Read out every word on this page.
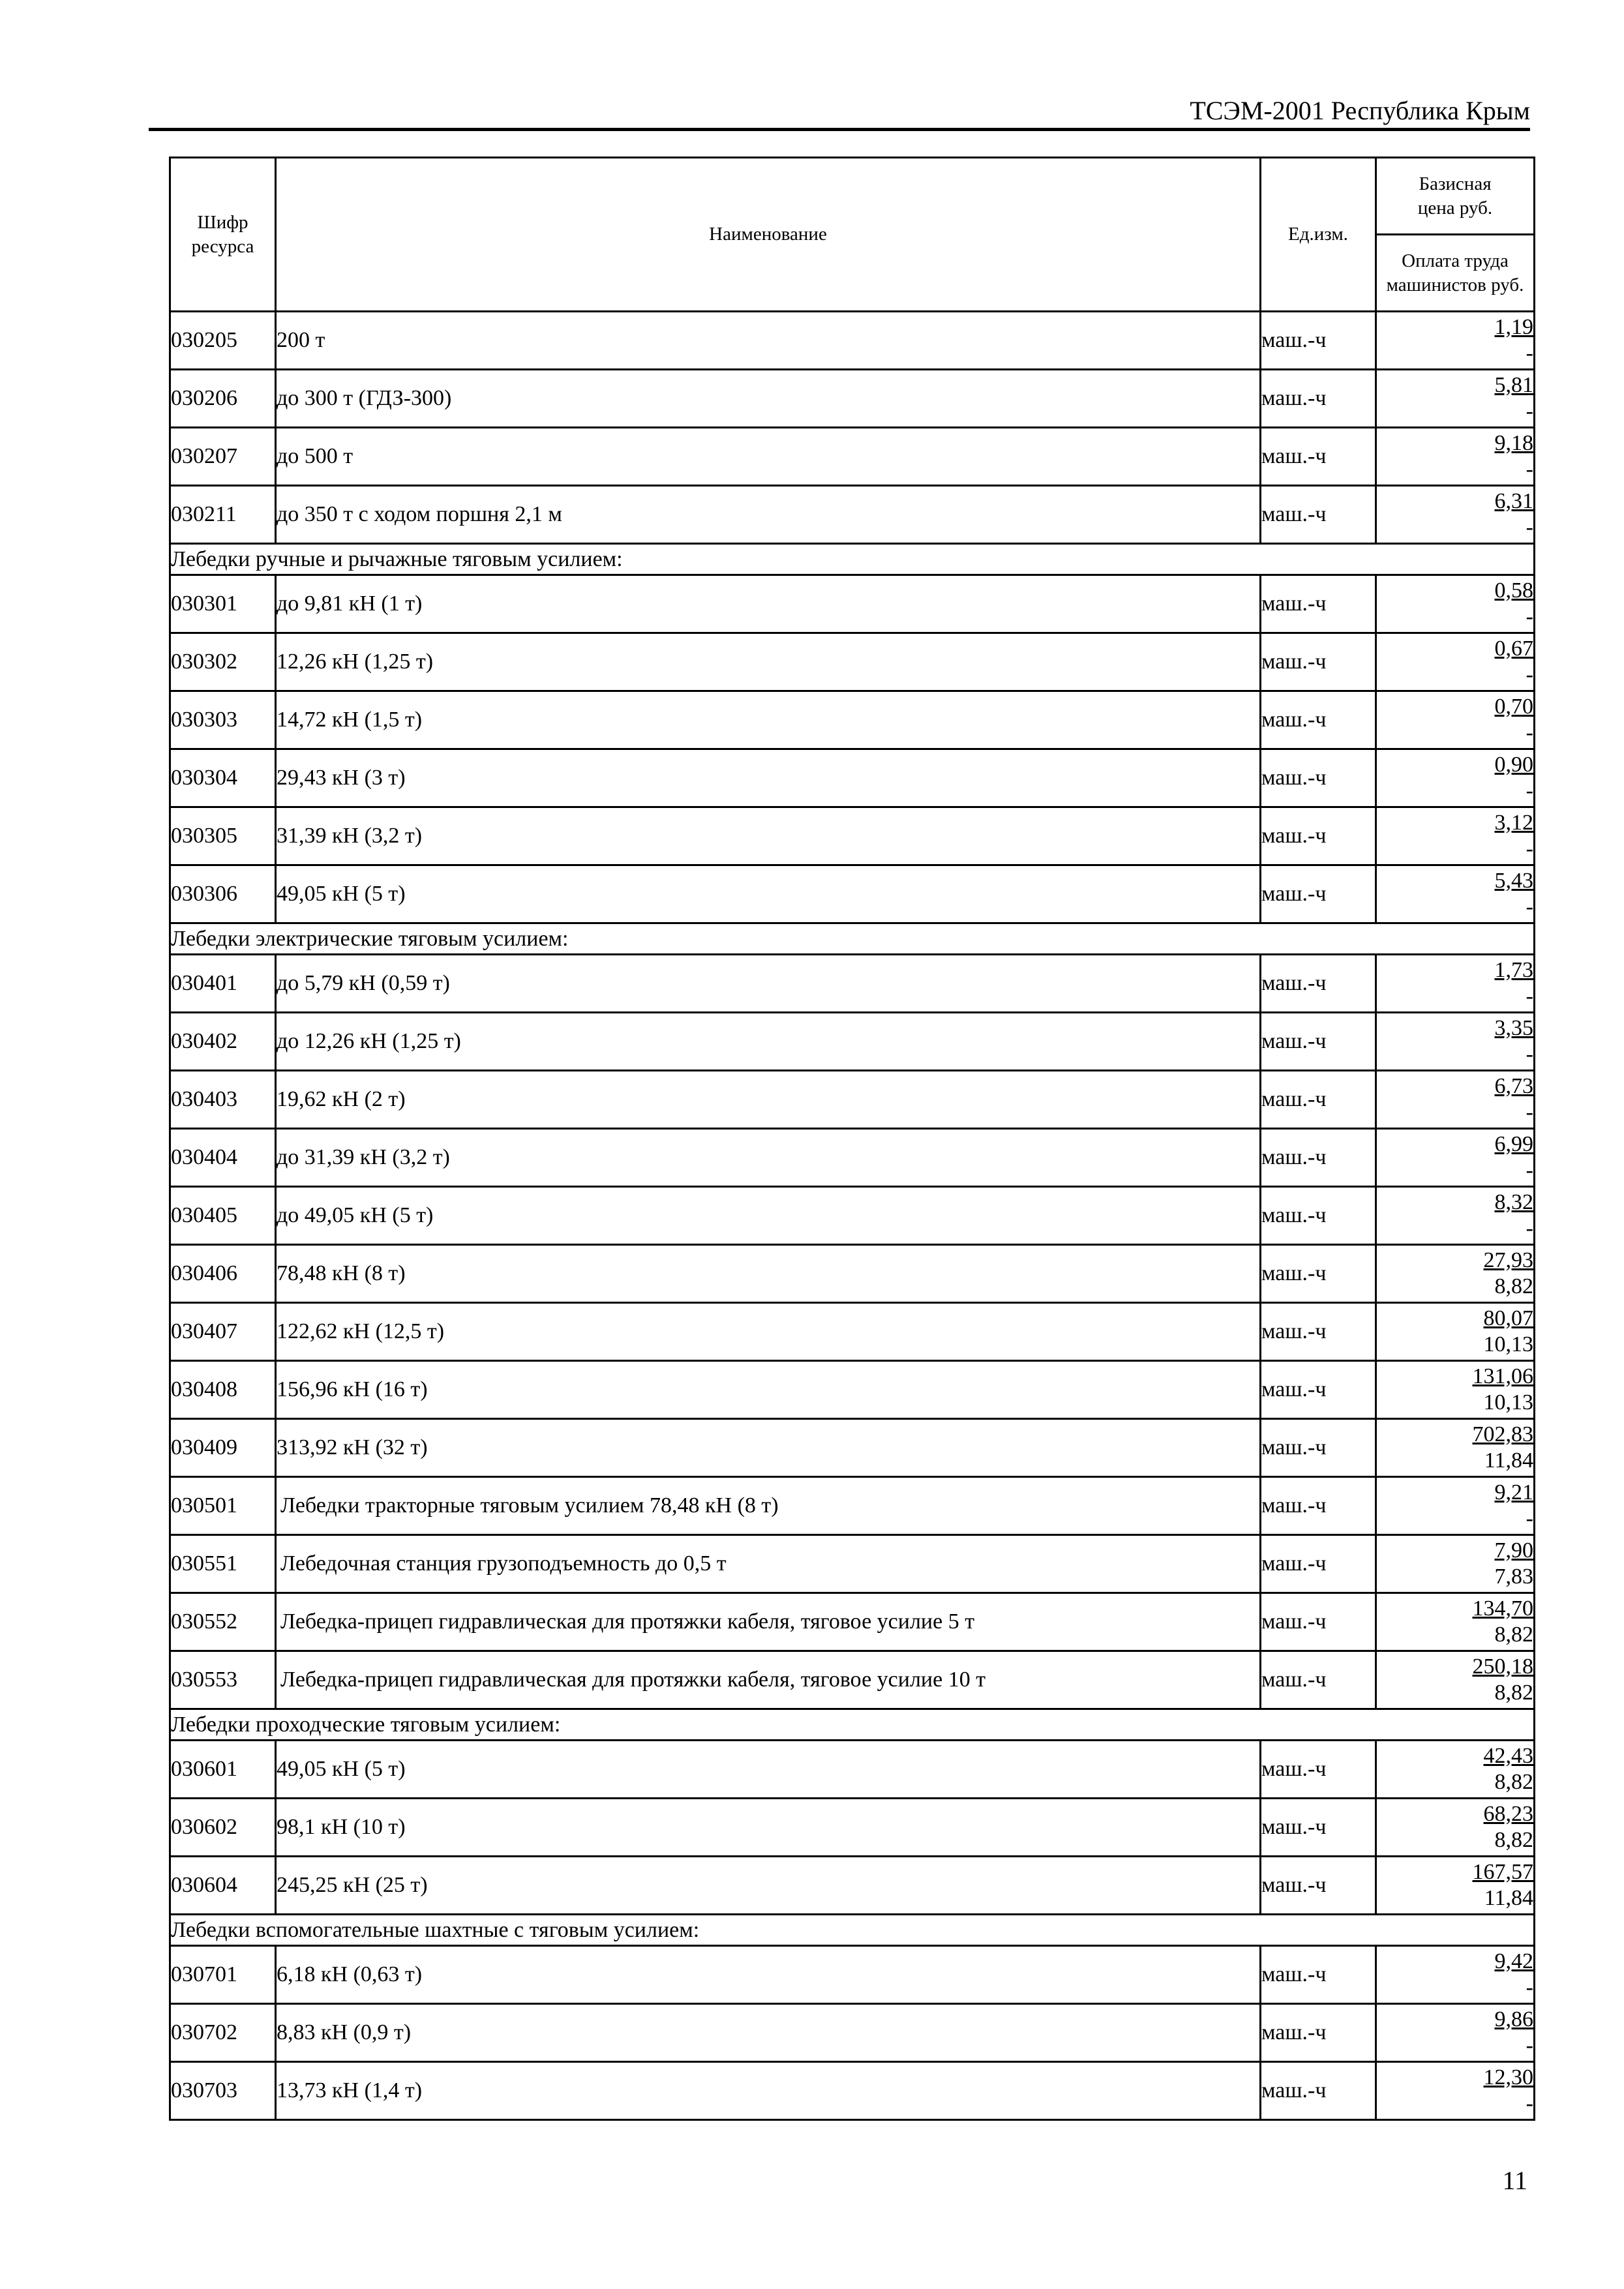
ТСЭМ-2001 Республика Крым
Шифр ресурса	Наименование	Ед.изм.	Базисная цена руб.
			Оплата труда машинистов руб.
030205	200 т	маш.-ч	1,19
-

030206	до 300 т (ГДЗ-300)	маш.-ч	5,81
-

030207	до 500 т	маш.-ч	9,18
-

030211	до 350 т с ходом поршня 2,1 м	маш.-ч	6,31
-

Лебедки ручные и рычажные тяговым усилием:			
030301	до 9,81 кН (1 т)	маш.-ч	0,58
-

030302	12,26 кН (1,25 т)	маш.-ч	0,67
-

030303	14,72 кН (1,5 т)	маш.-ч	0,70
-

030304	29,43 кН (3 т)	маш.-ч	0,90
-

030305	31,39 кН (3,2 т)	маш.-ч	3,12
-

030306	49,05 кН (5 т)	маш.-ч	5,43
-

Лебедки электрические тяговым усилием:			
030401	до 5,79 кН (0,59 т)	маш.-ч	1,73
-

030402	до 12,26 кН (1,25 т)	маш.-ч	3,35
-

030403	19,62 кН (2 т)	маш.-ч	6,73
-

030404	до 31,39 кН (3,2 т)	маш.-ч	6,99
-

030405	до 49,05 кН (5 т)	маш.-ч	8,32
-

030406	78,48 кН (8 т)	маш.-ч	27,93
8,82

030407	122,62 кН (12,5 т)	маш.-ч	80,07
10,13

030408	156,96 кН (16 т)	маш.-ч	131,06
10,13

030409	313,92 кН (32 т)	маш.-ч	702,83
11,84

030501	Лебедки тракторные тяговым усилием 78,48 кН (8 т)	маш.-ч	9,21
-

030551	Лебедочная станция грузоподъемность до 0,5 т	маш.-ч	7,90
7,83

030552	Лебедка-прицеп гидравлическая для протяжки кабеля, тяговое усилие 5 т	маш.-ч	134,70
8,82

030553	Лебедка-прицеп гидравлическая для протяжки кабеля, тяговое усилие 10 т	маш.-ч	250,18
8,82

Лебедки проходческие тяговым усилием:			
030601	49,05 кН (5 т)	маш.-ч	42,43
8,82

030602	98,1 кН (10 т)	маш.-ч	68,23
8,82

030604	245,25 кН (25 т)	маш.-ч	167,57
11,84

Лебедки вспомогательные шахтные с тяговым усилием:			
030701	6,18 кН (0,63 т)	маш.-ч	9,42
-

030702	8,83 кН (0,9 т)	маш.-ч	9,86
-

030703	13,73 кН (1,4 т)	маш.-ч	12,30
-
11
